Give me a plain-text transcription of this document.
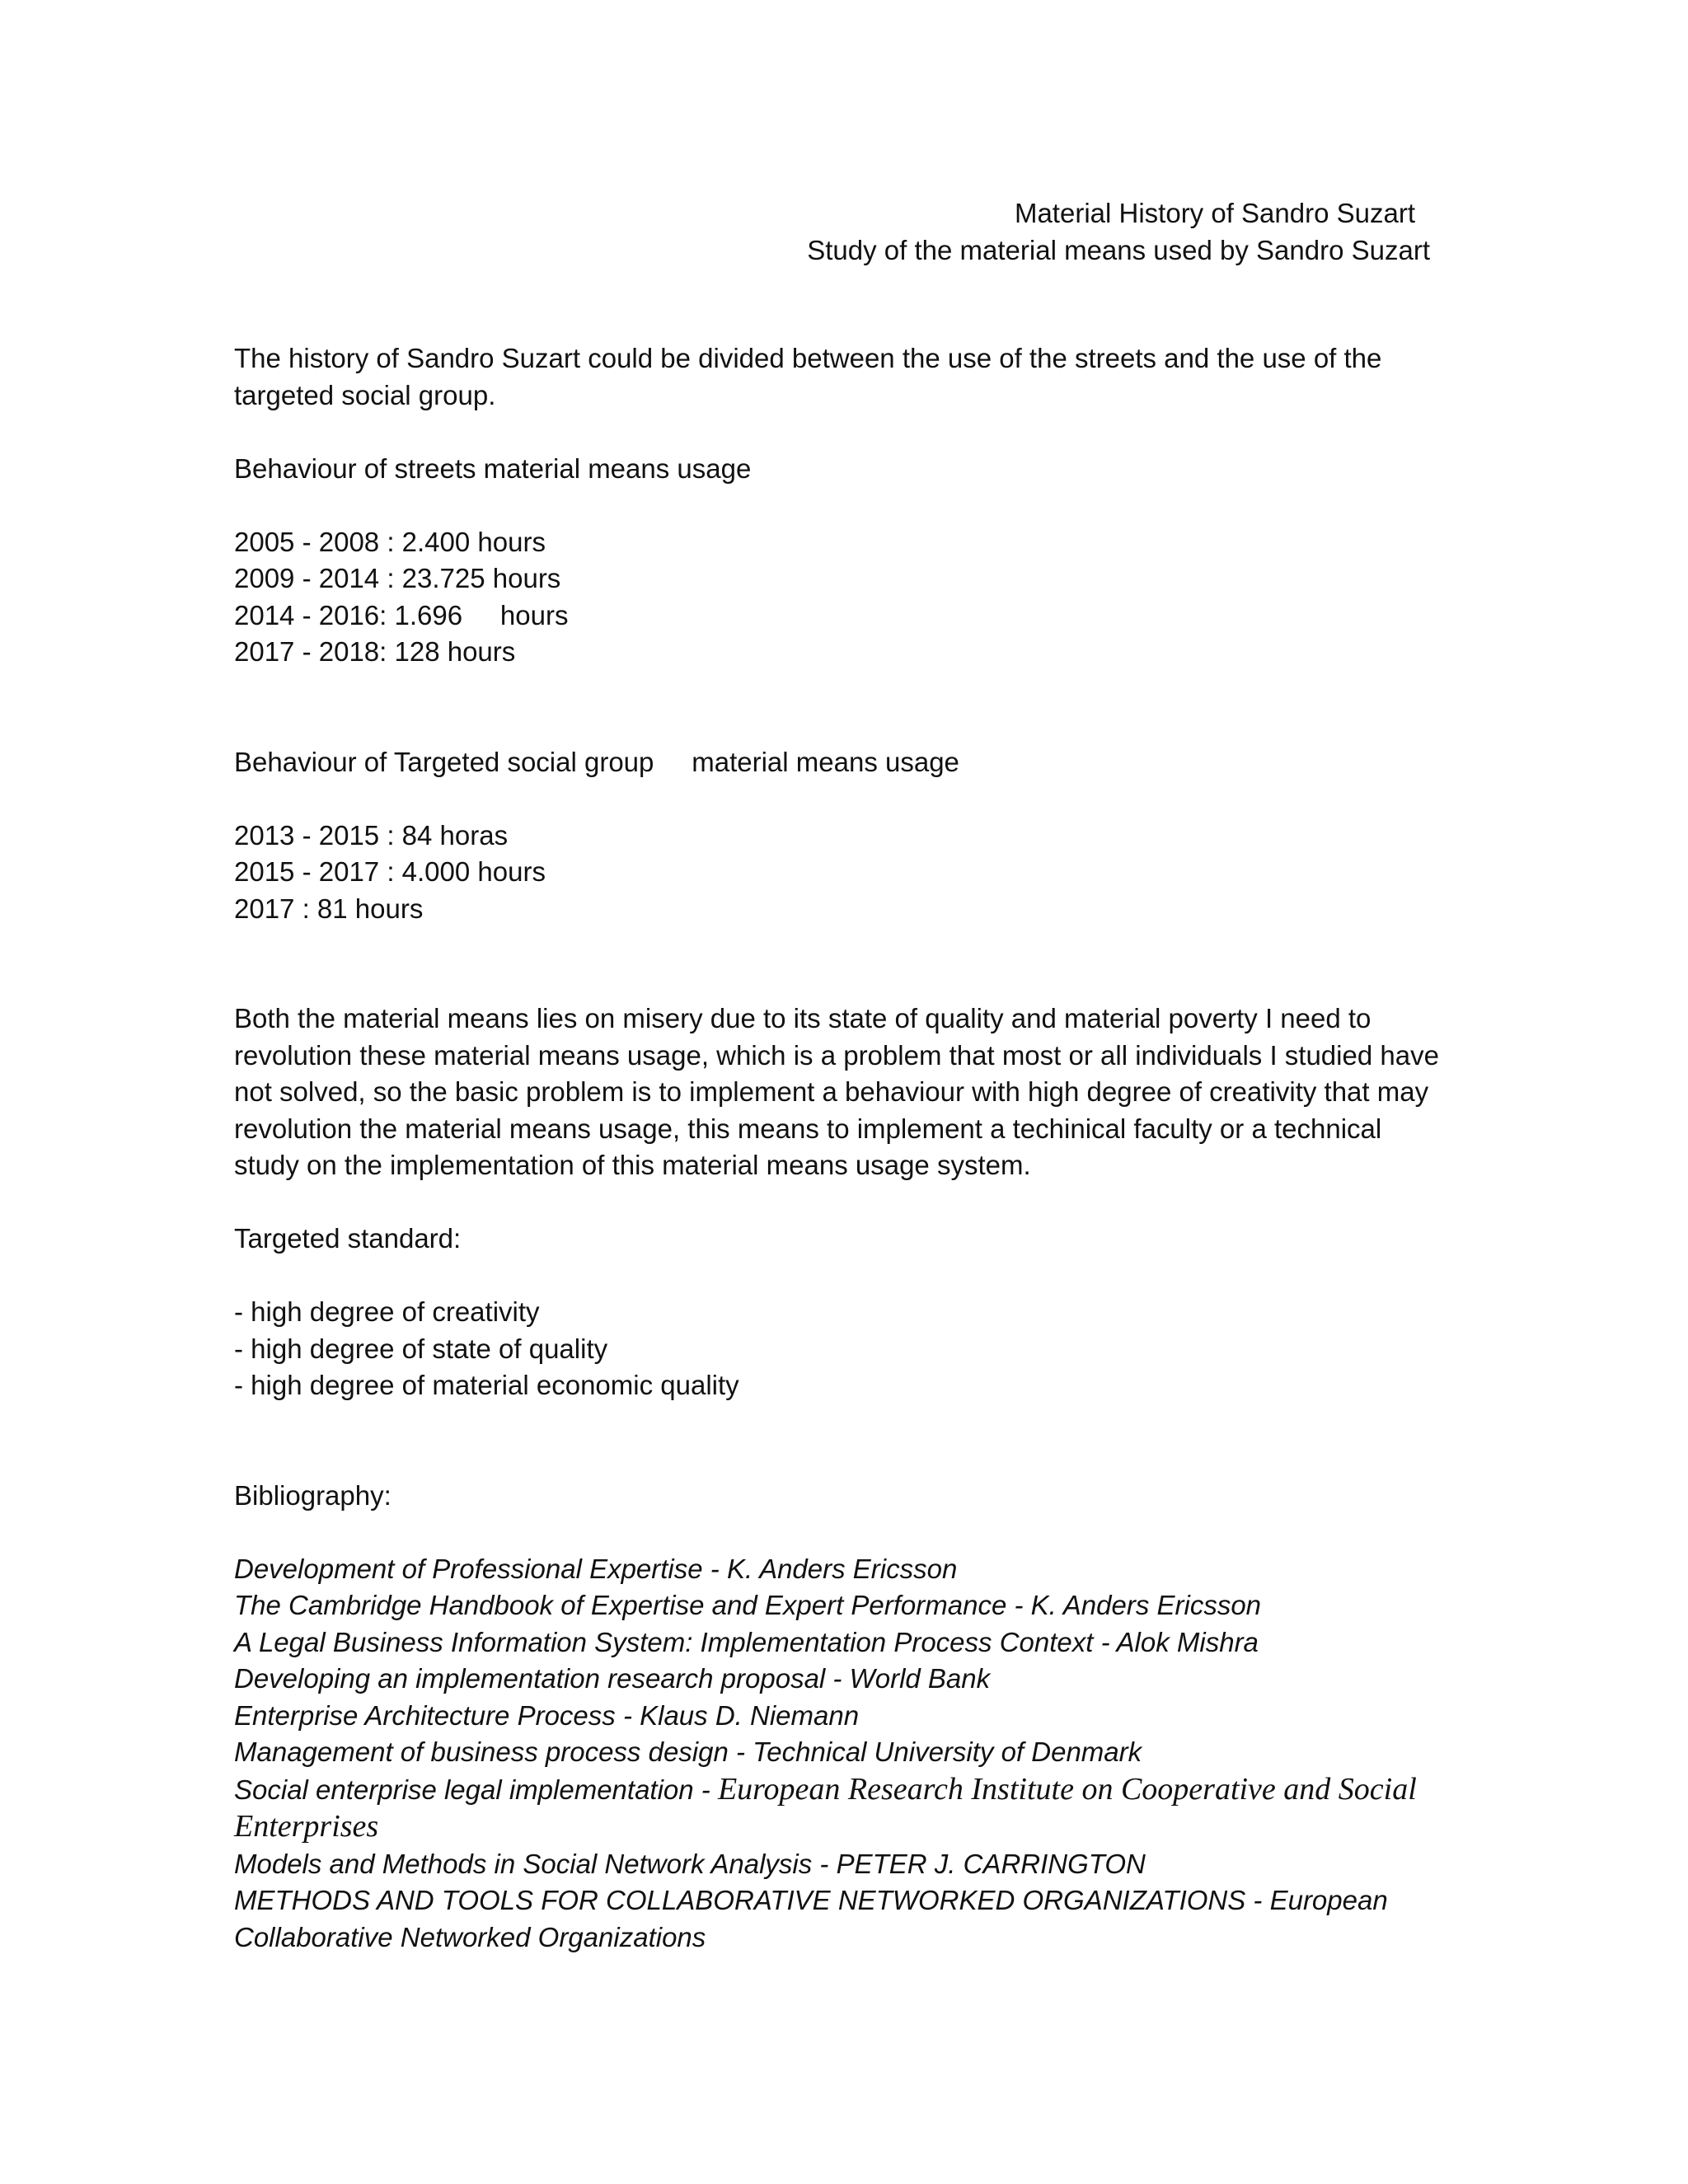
Material History of Sandro Suzart
Study of the material means used by Sandro Suzart

The history of Sandro Suzart could be divided between the use of the streets and the use of the targeted social group.

Behaviour of streets material means usage

2005 - 2008 : 2.400 hours

2009 - 2014 : 23.725 hours

2014 - 2016: 1.696     hours

2017 - 2018: 128 hours

Behaviour of Targeted social group     material means usage

2013 - 2015 : 84 horas

2015 - 2017 : 4.000 hours

2017 : 81 hours

Both the material means lies on misery due to its state of quality and material poverty I need to revolution these material means usage, which is a problem that most or all individuals I studied have not solved, so the basic problem is to implement a behaviour with high degree of creativity that may revolution the material means usage, this means to implement a techinical faculty or a technical study on the implementation of this material means usage system.

Targeted standard:

- high degree of creativity

- high degree of state of quality

- high degree of material economic quality

Bibliography:

Development of Professional Expertise - K. Anders Ericsson

The Cambridge Handbook of Expertise and Expert Performance - K. Anders Ericsson

A Legal Business Information System: Implementation Process Context - Alok Mishra

Developing an implementation research proposal - World Bank

Enterprise Architecture Process - Klaus D. Niemann

Management of business process design - Technical University of Denmark

Social enterprise legal implementation - European Research Institute on Cooperative and Social Enterprises

Models and Methods in Social Network Analysis - PETER J. CARRINGTON

METHODS AND TOOLS FOR COLLABORATIVE NETWORKED ORGANIZATIONS - European Collaborative Networked Organizations
